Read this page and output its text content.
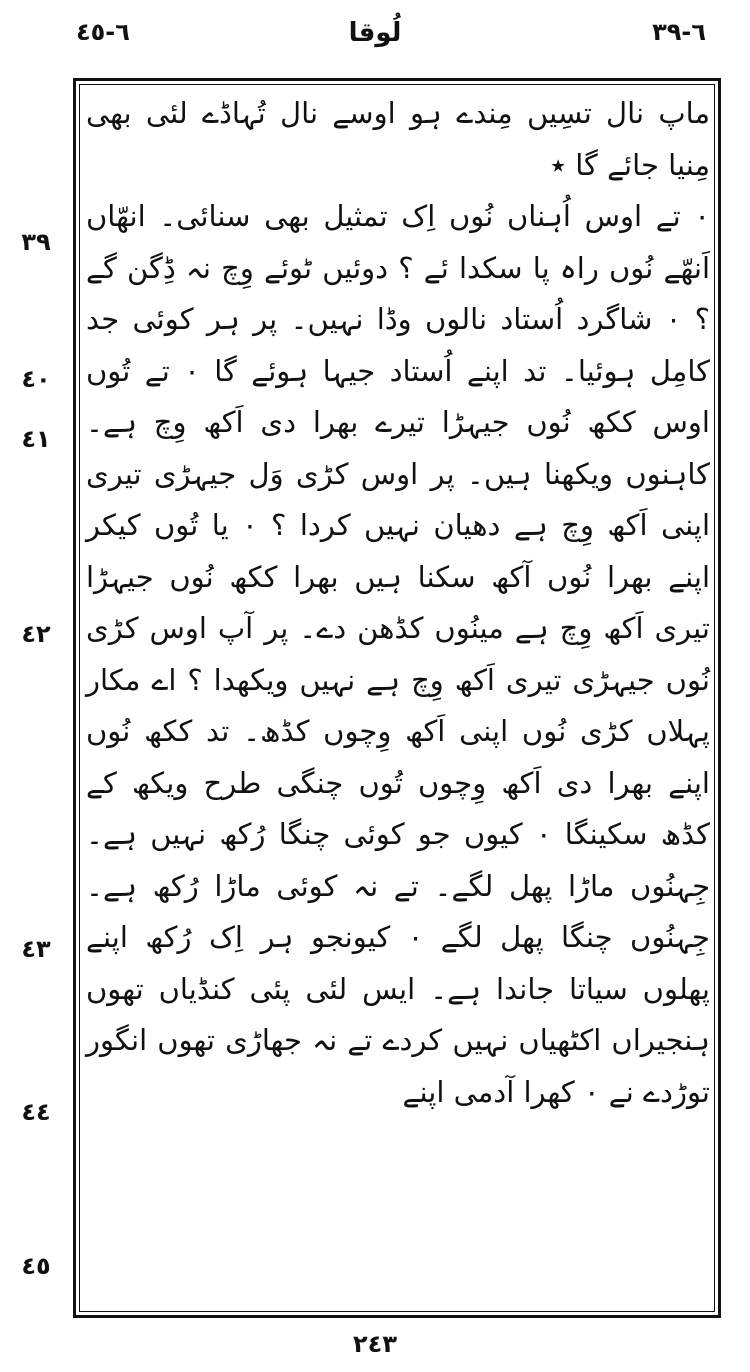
٦-٤٥	لُوقا	٦-٣٩

ماپ نال تسِیں مِندے ہو اوسے نال تُہاڈے لئی بھی مِنیا جائے گا ٭

۰ تے اوس اُہناں نُوں اِک تمثیل بھی سنائی۔ انھّاں اَنھّے نُوں راہ پا سکدا ئے ؟ دوئیں ٹوئے وِچ نہ ڈِگن گے ؟ ۰ شاگرد اُستاد نالوں وڈا نہیں۔ پر ہر کوئی جد کامِل ہوئیا۔ تد اپنے اُستاد جیہا ہوئے گا ۰ تے تُوں اوس ککھ نُوں جیہڑا تیرے بھرا دی اَکھ وِچ ہے۔ کاہنوں ویکھنا ہیں۔ پر اوس کڑی وَل جیہڑی تیری اپنی اَکھ وِچ ہے دھیان نہیں کردا ؟ ۰ یا تُوں کیکر اپنے بھرا نُوں آکھ سکنا ہیں بھرا ککھ نُوں جیہڑا تیری اَکھ وِچ ہے مینُوں کڈھن دے۔ پر آپ اوس کڑی نُوں جیہڑی تیری اَکھ وِچ ہے نہیں ویکھدا ؟ اے مکار پہلاں کڑی نُوں اپنی اَکھ وِچوں کڈھ۔ تد ککھ نُوں اپنے بھرا دی اَکھ وِچوں تُوں چنگی طرح ویکھ کے کڈھ سکینگا ۰ کیوں جو کوئی چنگا رُکھ نہیں ہے۔ جِہنُوں ماڑا پھل لگے۔ تے نہ کوئی ماڑا رُکھ ہے۔ جِہنُوں چنگا پھل لگے ۰ کیونجو ہر اِک رُکھ اپنے پھلوں سیاتا جاندا ہے۔ ایس لئی پئی کنڈیاں تھوں ہنجیراں اکٹھیاں نہیں کردے تے نہ جھاڑی تھوں انگور توڑدے نے ۰ کھرا آدمی اپنے

٣٩
٤٠
٤١
٤٢
٤٣
٤٤
٤٥
٢٤٣
